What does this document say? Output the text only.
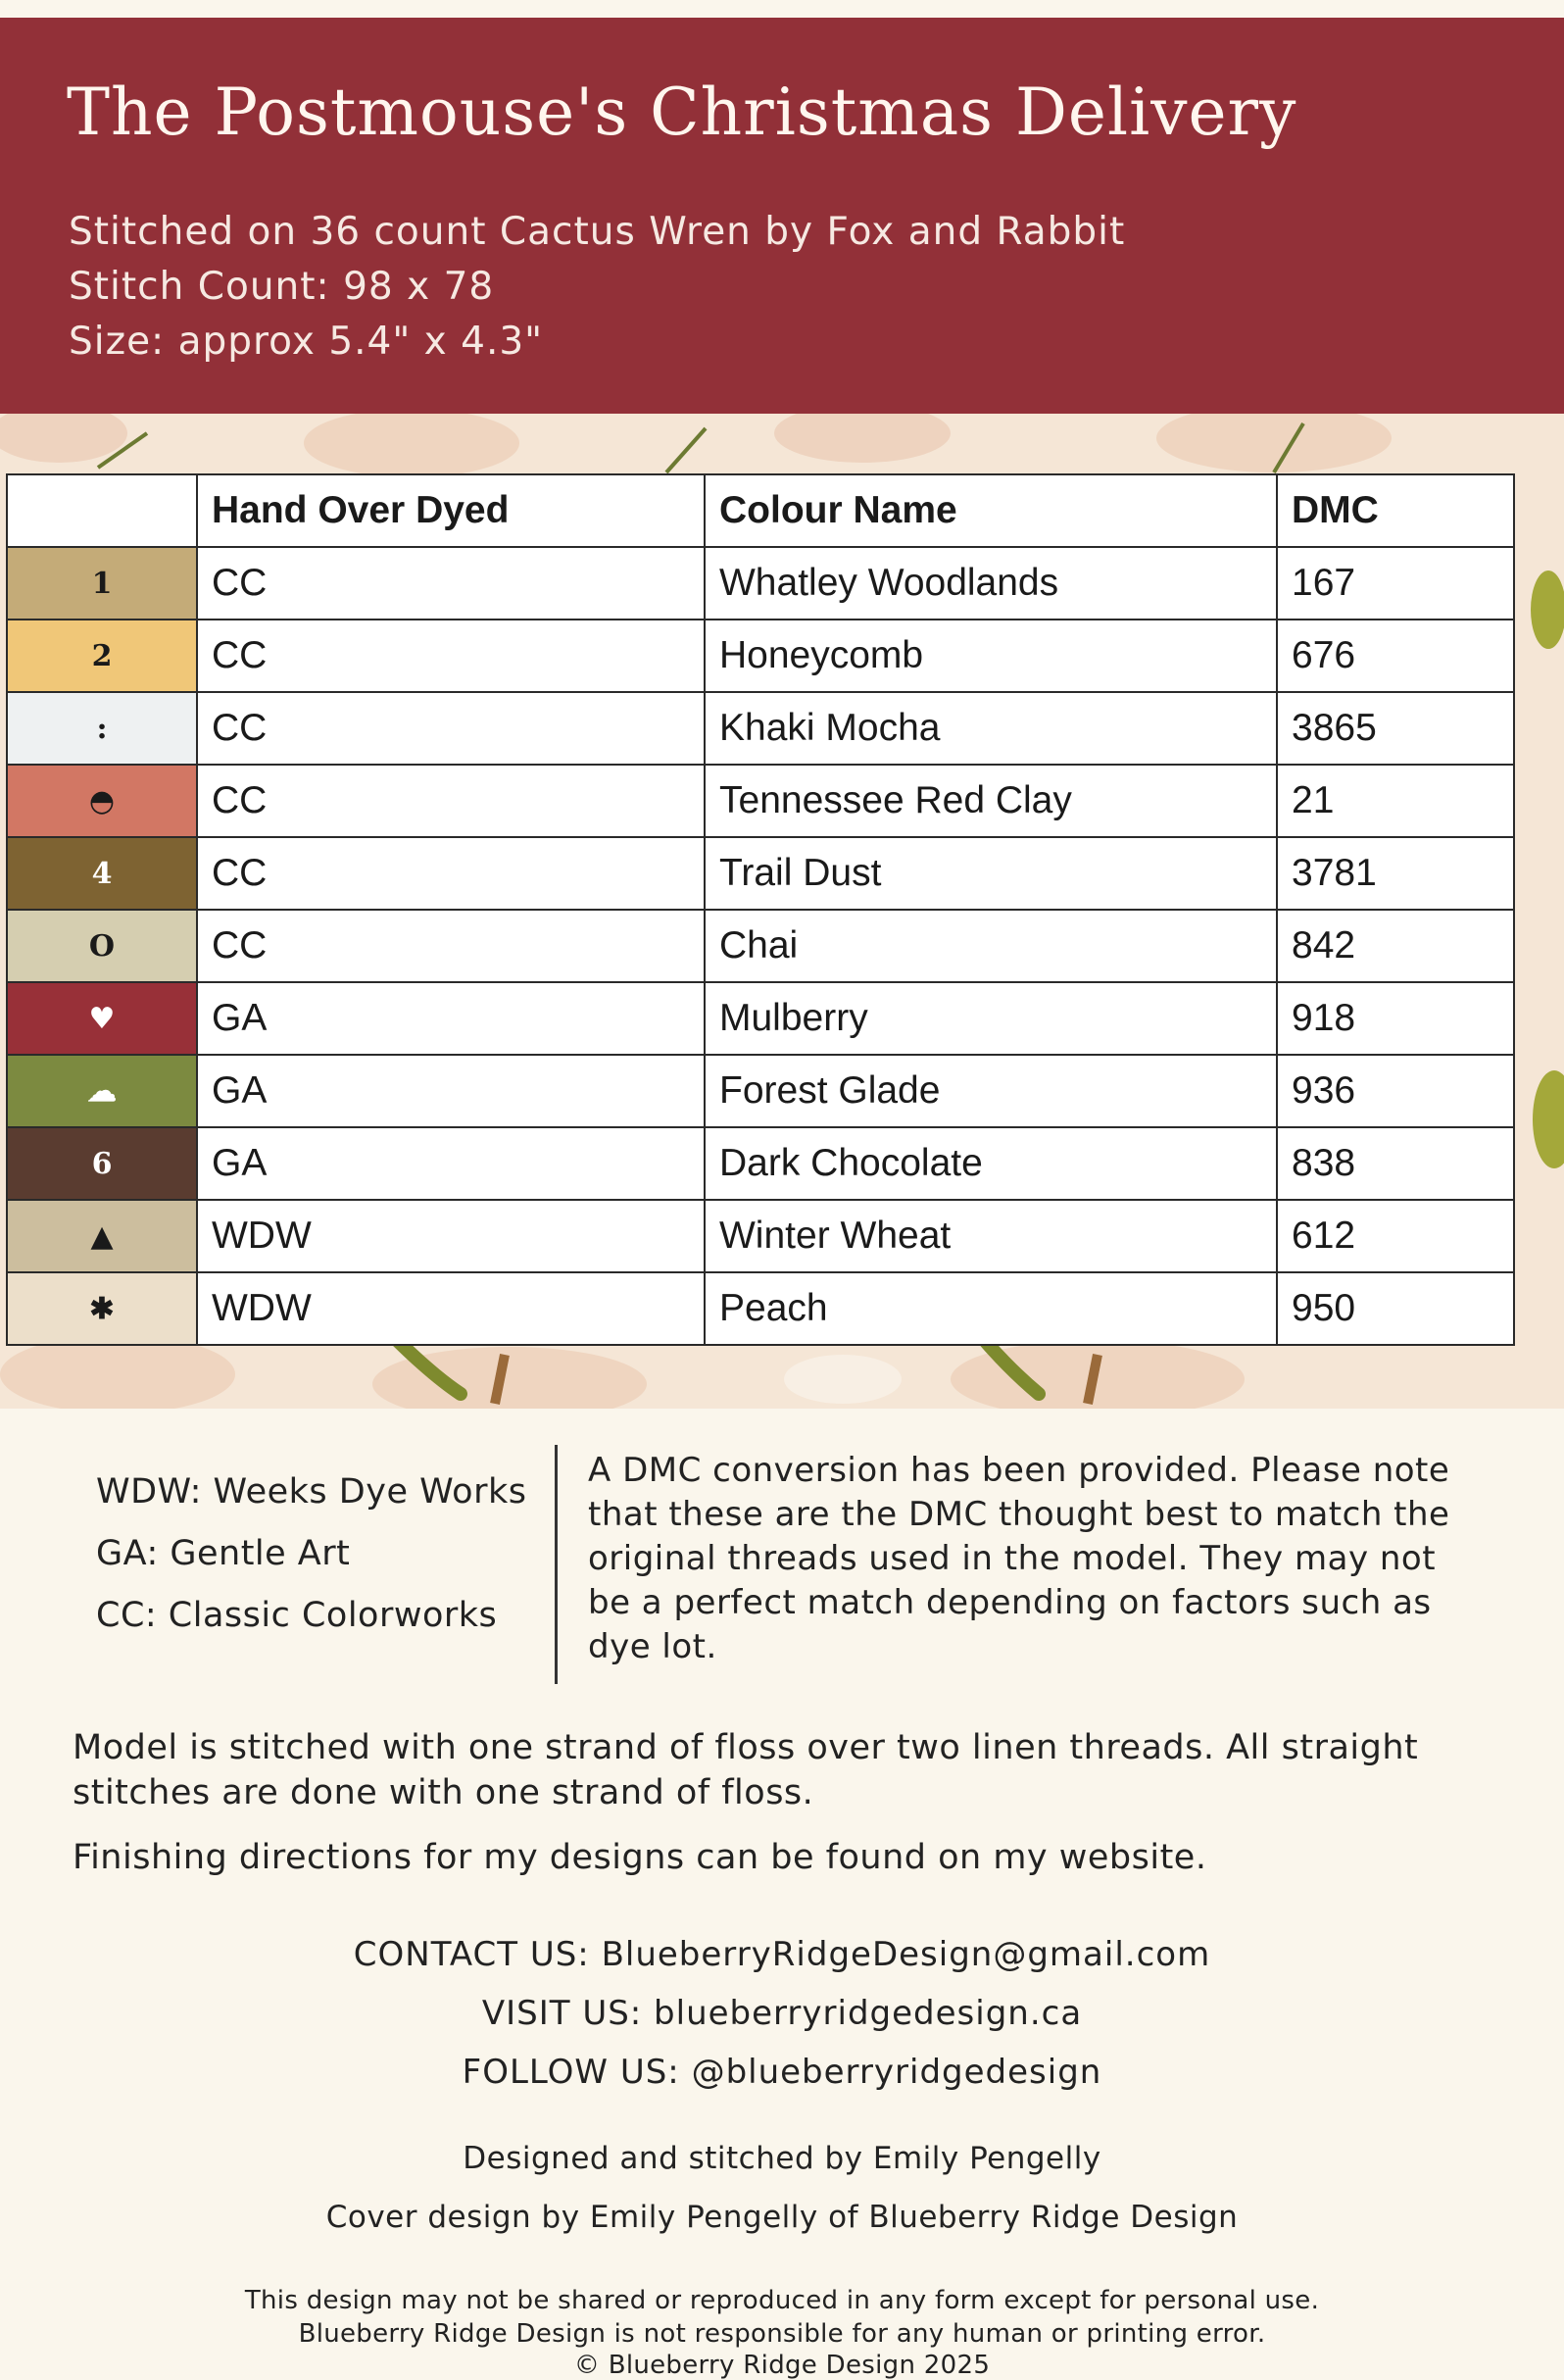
The Postmouse's Christmas Delivery
Stitched on 36 count Cactus Wren by Fox and Rabbit
Stitch Count: 98 x 78
Size: approx 5.4" x 4.3"
	Hand Over Dyed	Colour Name	DMC
1	CC	Whatley Woodlands	167
2	CC	Honeycomb	676
:	CC	Khaki Mocha	3865
◓	CC	Tennessee Red Clay	21
4	CC	Trail Dust	3781
O	CC	Chai	842
♥	GA	Mulberry	918
☁	GA	Forest Glade	936
6	GA	Dark Chocolate	838
▲	WDW	Winter Wheat	612
✱	WDW	Peach	950
WDW: Weeks Dye Works
GA: Gentle Art
CC: Classic Colorworks
A DMC conversion has been provided. Please note that these are the DMC thought best to match the original threads used in the model. They may not be a perfect match depending on factors such as dye lot.
Model is stitched with one strand of floss over two linen threads. All straight stitches are done with one strand of floss.
Finishing directions for my designs can be found on my website.
CONTACT US: BlueberryRidgeDesign@gmail.com
VISIT US: blueberryridgedesign.ca
FOLLOW US: @blueberryridgedesign
Designed and stitched by Emily Pengelly
Cover design by Emily Pengelly of Blueberry Ridge Design
This design may not be shared or reproduced in any form except for personal use.
Blueberry Ridge Design is not responsible for any human or printing error.
© Blueberry Ridge Design 2025
